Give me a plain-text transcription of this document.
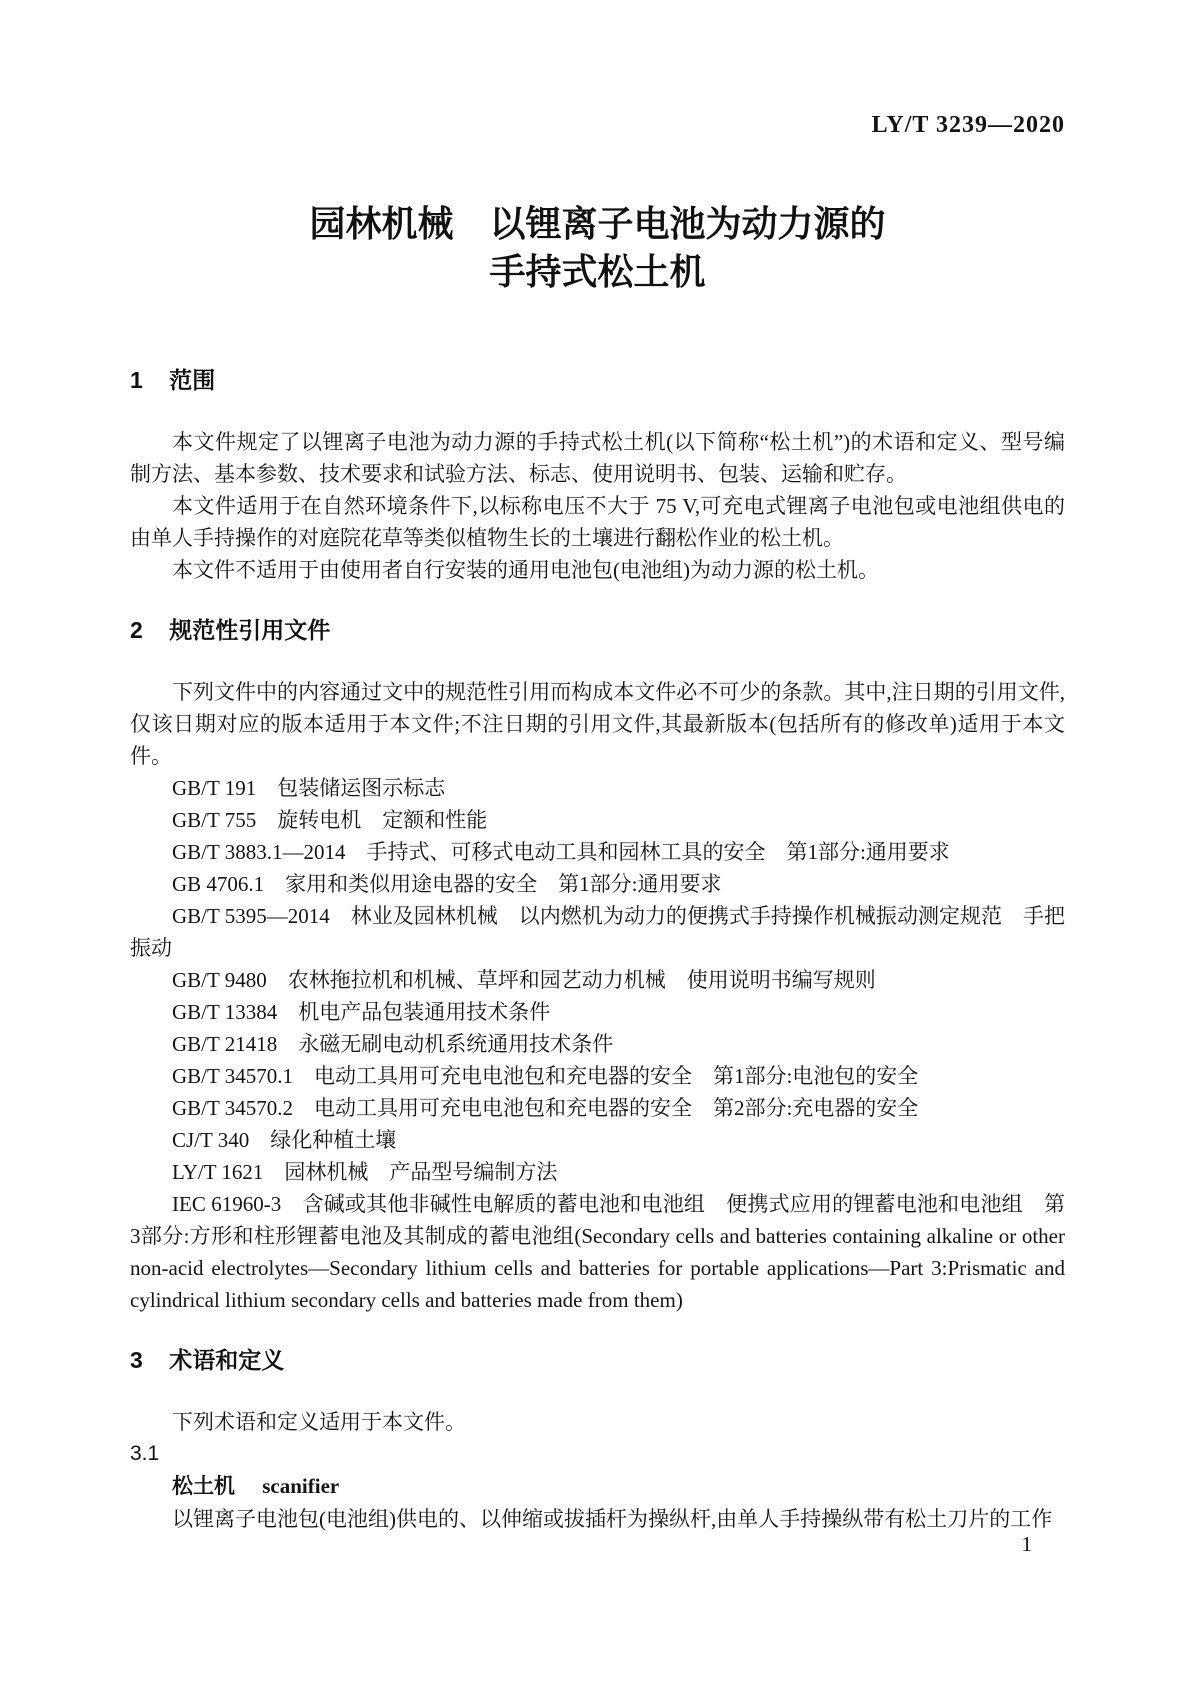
LY/T 3239—2020
园林机械　以锂离子电池为动力源的
手持式松土机
1 范围

本文件规定了以锂离子电池为动力源的手持式松土机(以下简称“松土机”)的术语和定义、型号编制方法、基本参数、技术要求和试验方法、标志、使用说明书、包装、运输和贮存。

本文件适用于在自然环境条件下,以标称电压不大于 75 V,可充电式锂离子电池包或电池组供电的由单人手持操作的对庭院花草等类似植物生长的土壤进行翻松作业的松土机。

本文件不适用于由使用者自行安装的通用电池包(电池组)为动力源的松土机。

2 规范性引用文件

下列文件中的内容通过文中的规范性引用而构成本文件必不可少的条款。其中,注日期的引用文件,仅该日期对应的版本适用于本文件;不注日期的引用文件,其最新版本(包括所有的修改单)适用于本文件。

GB/T 191　包装储运图示标志

GB/T 755　旋转电机　定额和性能

GB/T 3883.1—2014　手持式、可移式电动工具和园林工具的安全　第1部分:通用要求

GB 4706.1　家用和类似用途电器的安全　第1部分:通用要求

GB/T 5395—2014　林业及园林机械　以内燃机为动力的便携式手持操作机械振动测定规范　手把振动

GB/T 9480　农林拖拉机和机械、草坪和园艺动力机械　使用说明书编写规则

GB/T 13384　机电产品包装通用技术条件

GB/T 21418　永磁无刷电动机系统通用技术条件

GB/T 34570.1　电动工具用可充电电池包和充电器的安全　第1部分:电池包的安全

GB/T 34570.2　电动工具用可充电电池包和充电器的安全　第2部分:充电器的安全

CJ/T 340　绿化种植土壤

LY/T 1621　园林机械　产品型号编制方法

IEC 61960-3　含碱或其他非碱性电解质的蓄电池和电池组　便携式应用的锂蓄电池和电池组　第3部分:方形和柱形锂蓄电池及其制成的蓄电池组(Secondary cells and batteries containing alkaline or other non-acid electrolytes—Secondary lithium cells and batteries for portable applications—Part 3:Prismatic and cylindrical lithium secondary cells and batteries made from them)

3 术语和定义

下列术语和定义适用于本文件。

3.1

松土机 scanifier

以锂离子电池包(电池组)供电的、以伸缩或拔插杆为操纵杆,由单人手持操纵带有松土刀片的工作

1
